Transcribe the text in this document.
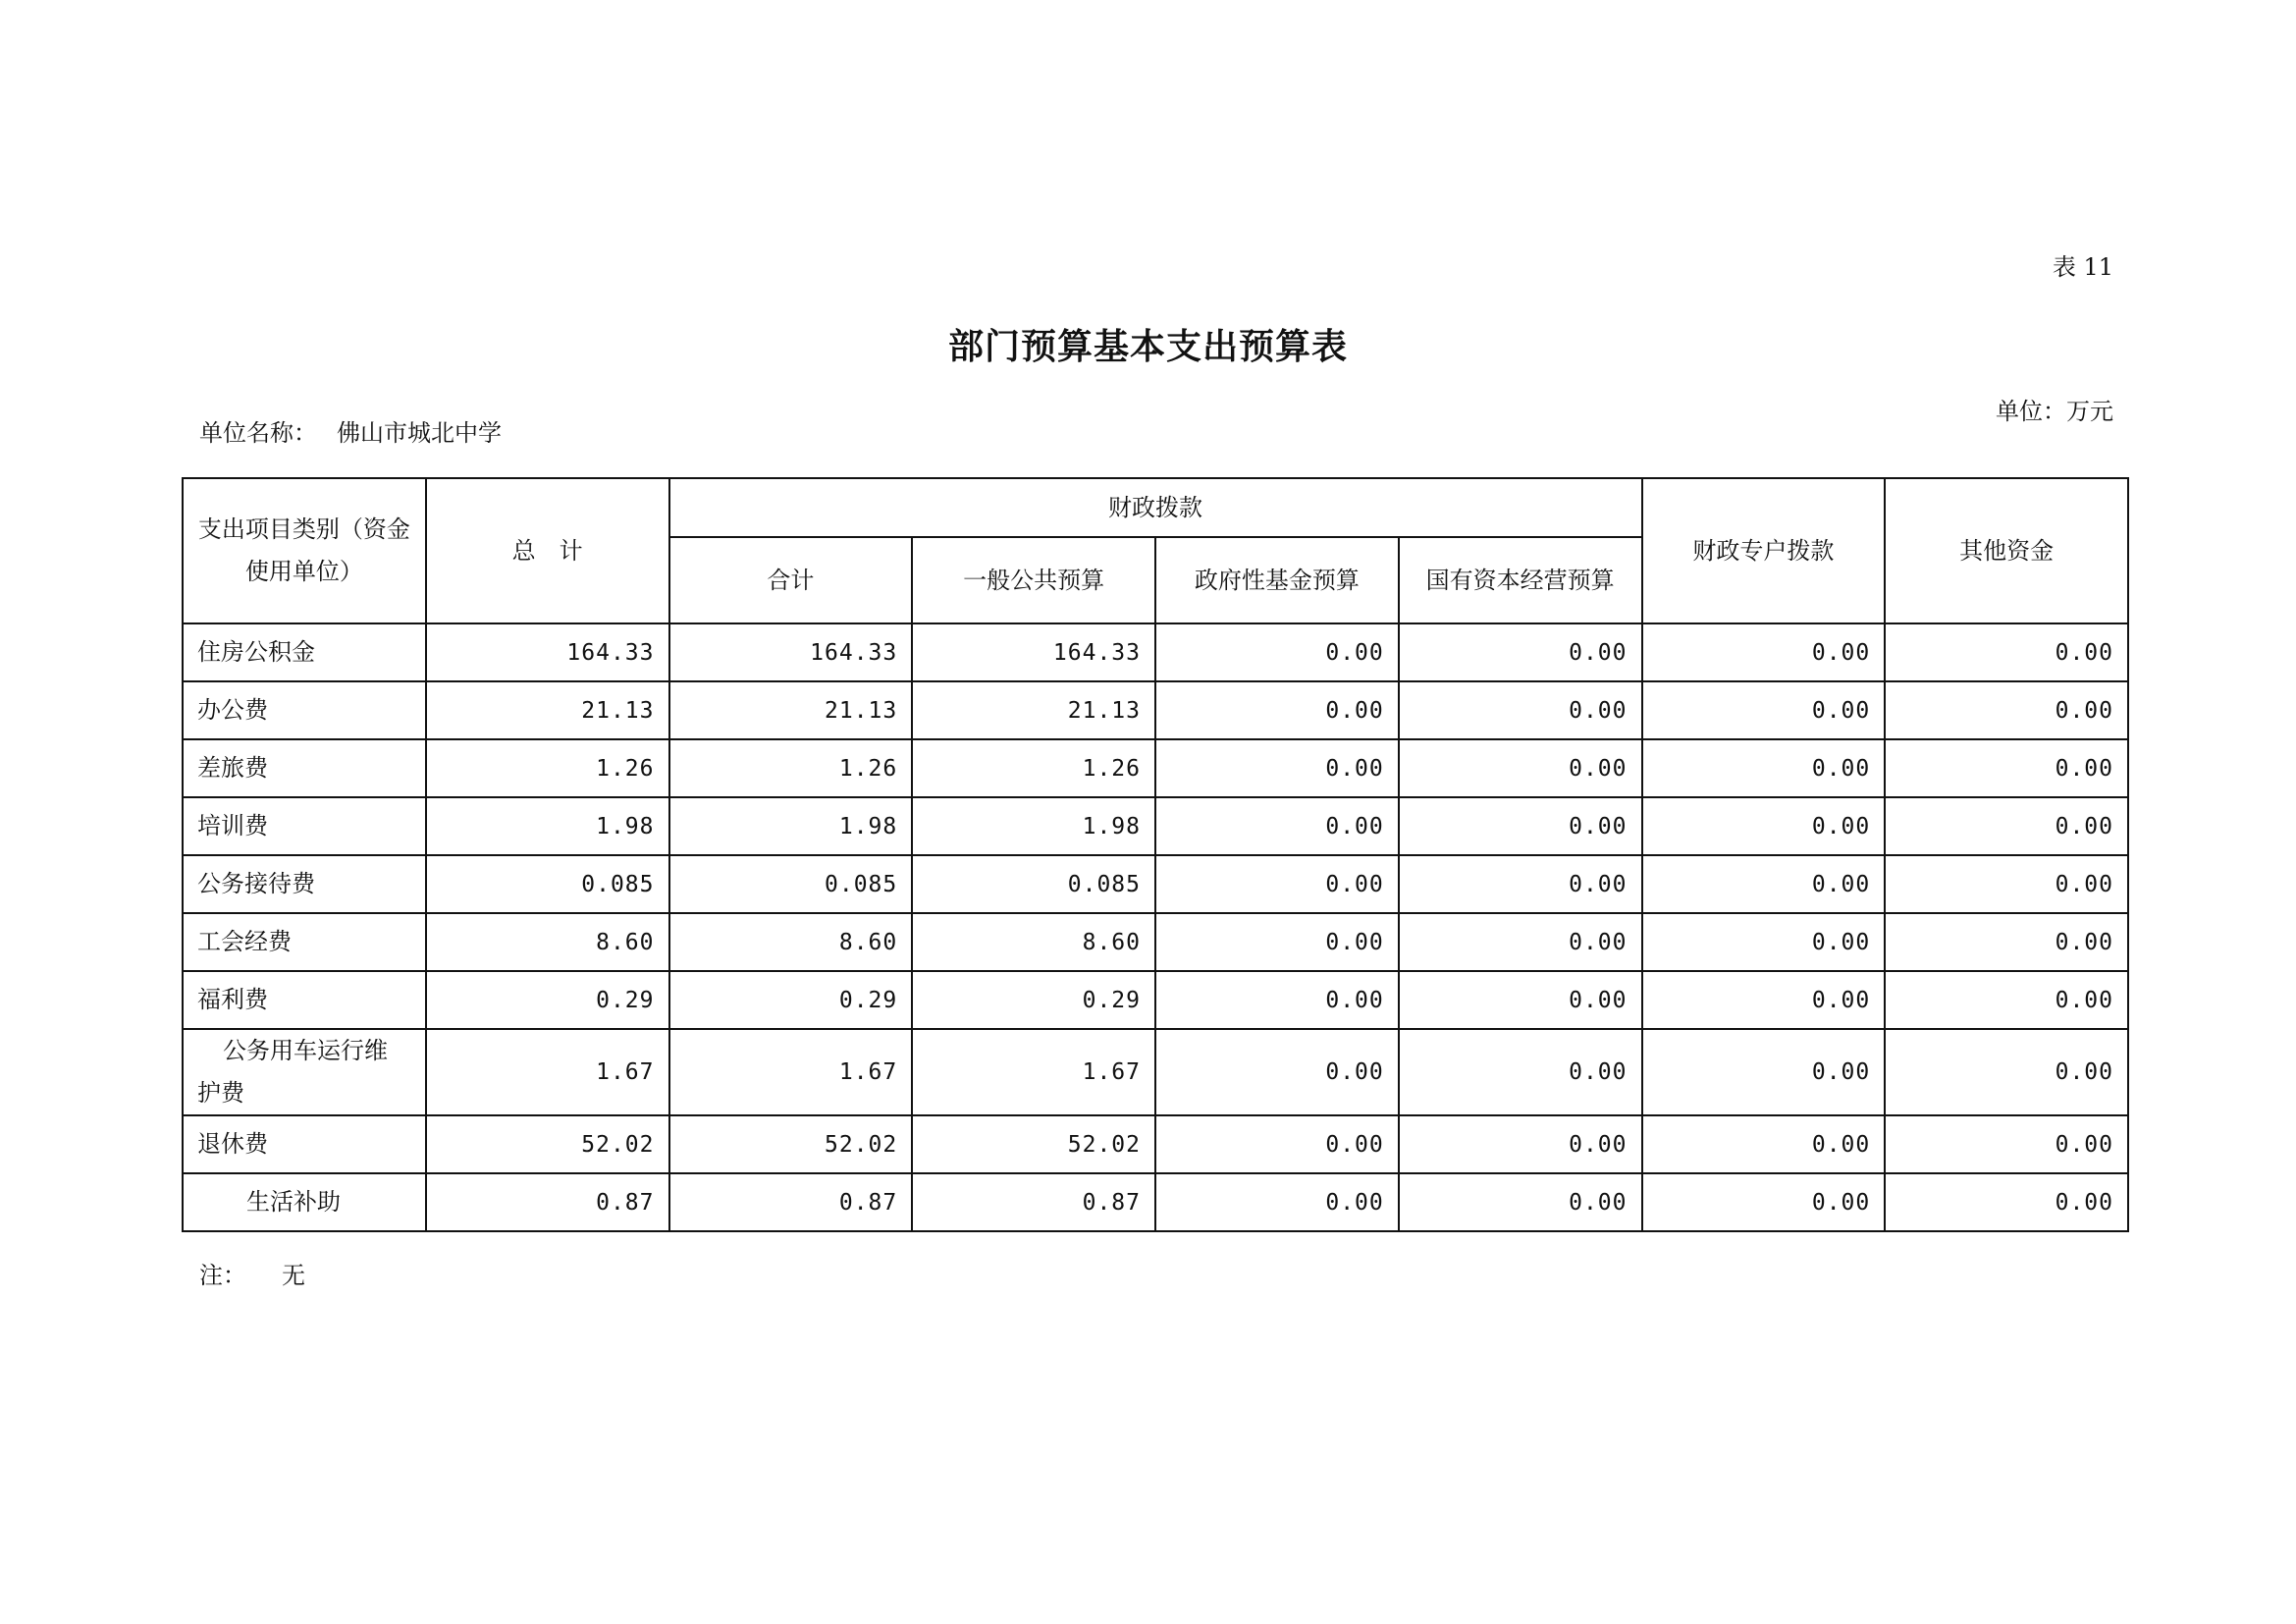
表 11
部门预算基本支出预算表
单位名称： 佛山市城北中学
单位：万元
支出项目类别（资金使用单位）	总　计	财政拨款				财政专户拨款	其他资金
		合计	一般公共预算	政府性基金预算	国有资本经营预算		
住房公积金	164.33	164.33	164.33	0.00	0.00	0.00	0.00
办公费	21.13	21.13	21.13	0.00	0.00	0.00	0.00
差旅费	1.26	1.26	1.26	0.00	0.00	0.00	0.00
培训费	1.98	1.98	1.98	0.00	0.00	0.00	0.00
公务接待费	0.085	0.085	0.085	0.00	0.00	0.00	0.00
工会经费	8.60	8.60	8.60	0.00	0.00	0.00	0.00
福利费	0.29	0.29	0.29	0.00	0.00	0.00	0.00
公务用车运行维护费	1.67	1.67	1.67	0.00	0.00	0.00	0.00
退休费	52.02	52.02	52.02	0.00	0.00	0.00	0.00
生活补助	0.87	0.87	0.87	0.00	0.00	0.00	0.00
注： 无
